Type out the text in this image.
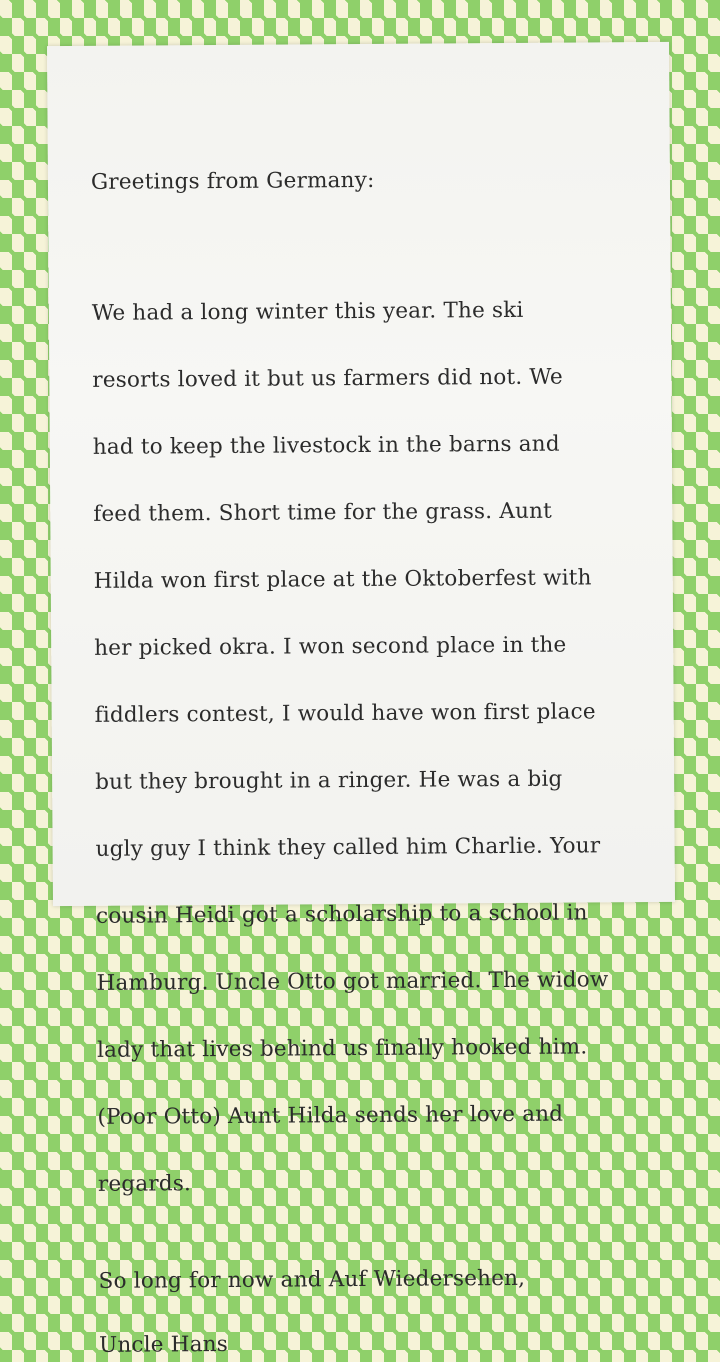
Greetings from Germany:

We had a long winter this year. The ski

resorts loved it but us farmers did not. We

had to keep the livestock in the barns and

feed them. Short time for the grass. Aunt

Hilda won first place at the Oktoberfest with

her picked okra. I won second place in the

fiddlers contest, I would have won first place

but they brought in a ringer. He was a big

ugly guy I think they called him Charlie. Your

cousin Heidi got a scholarship to a school in

Hamburg. Uncle Otto got married. The widow

lady that lives behind us finally hooked him.

(Poor Otto) Aunt Hilda sends her love and

regards.

So long for now and Auf Wiedersehen,

Uncle Hans
